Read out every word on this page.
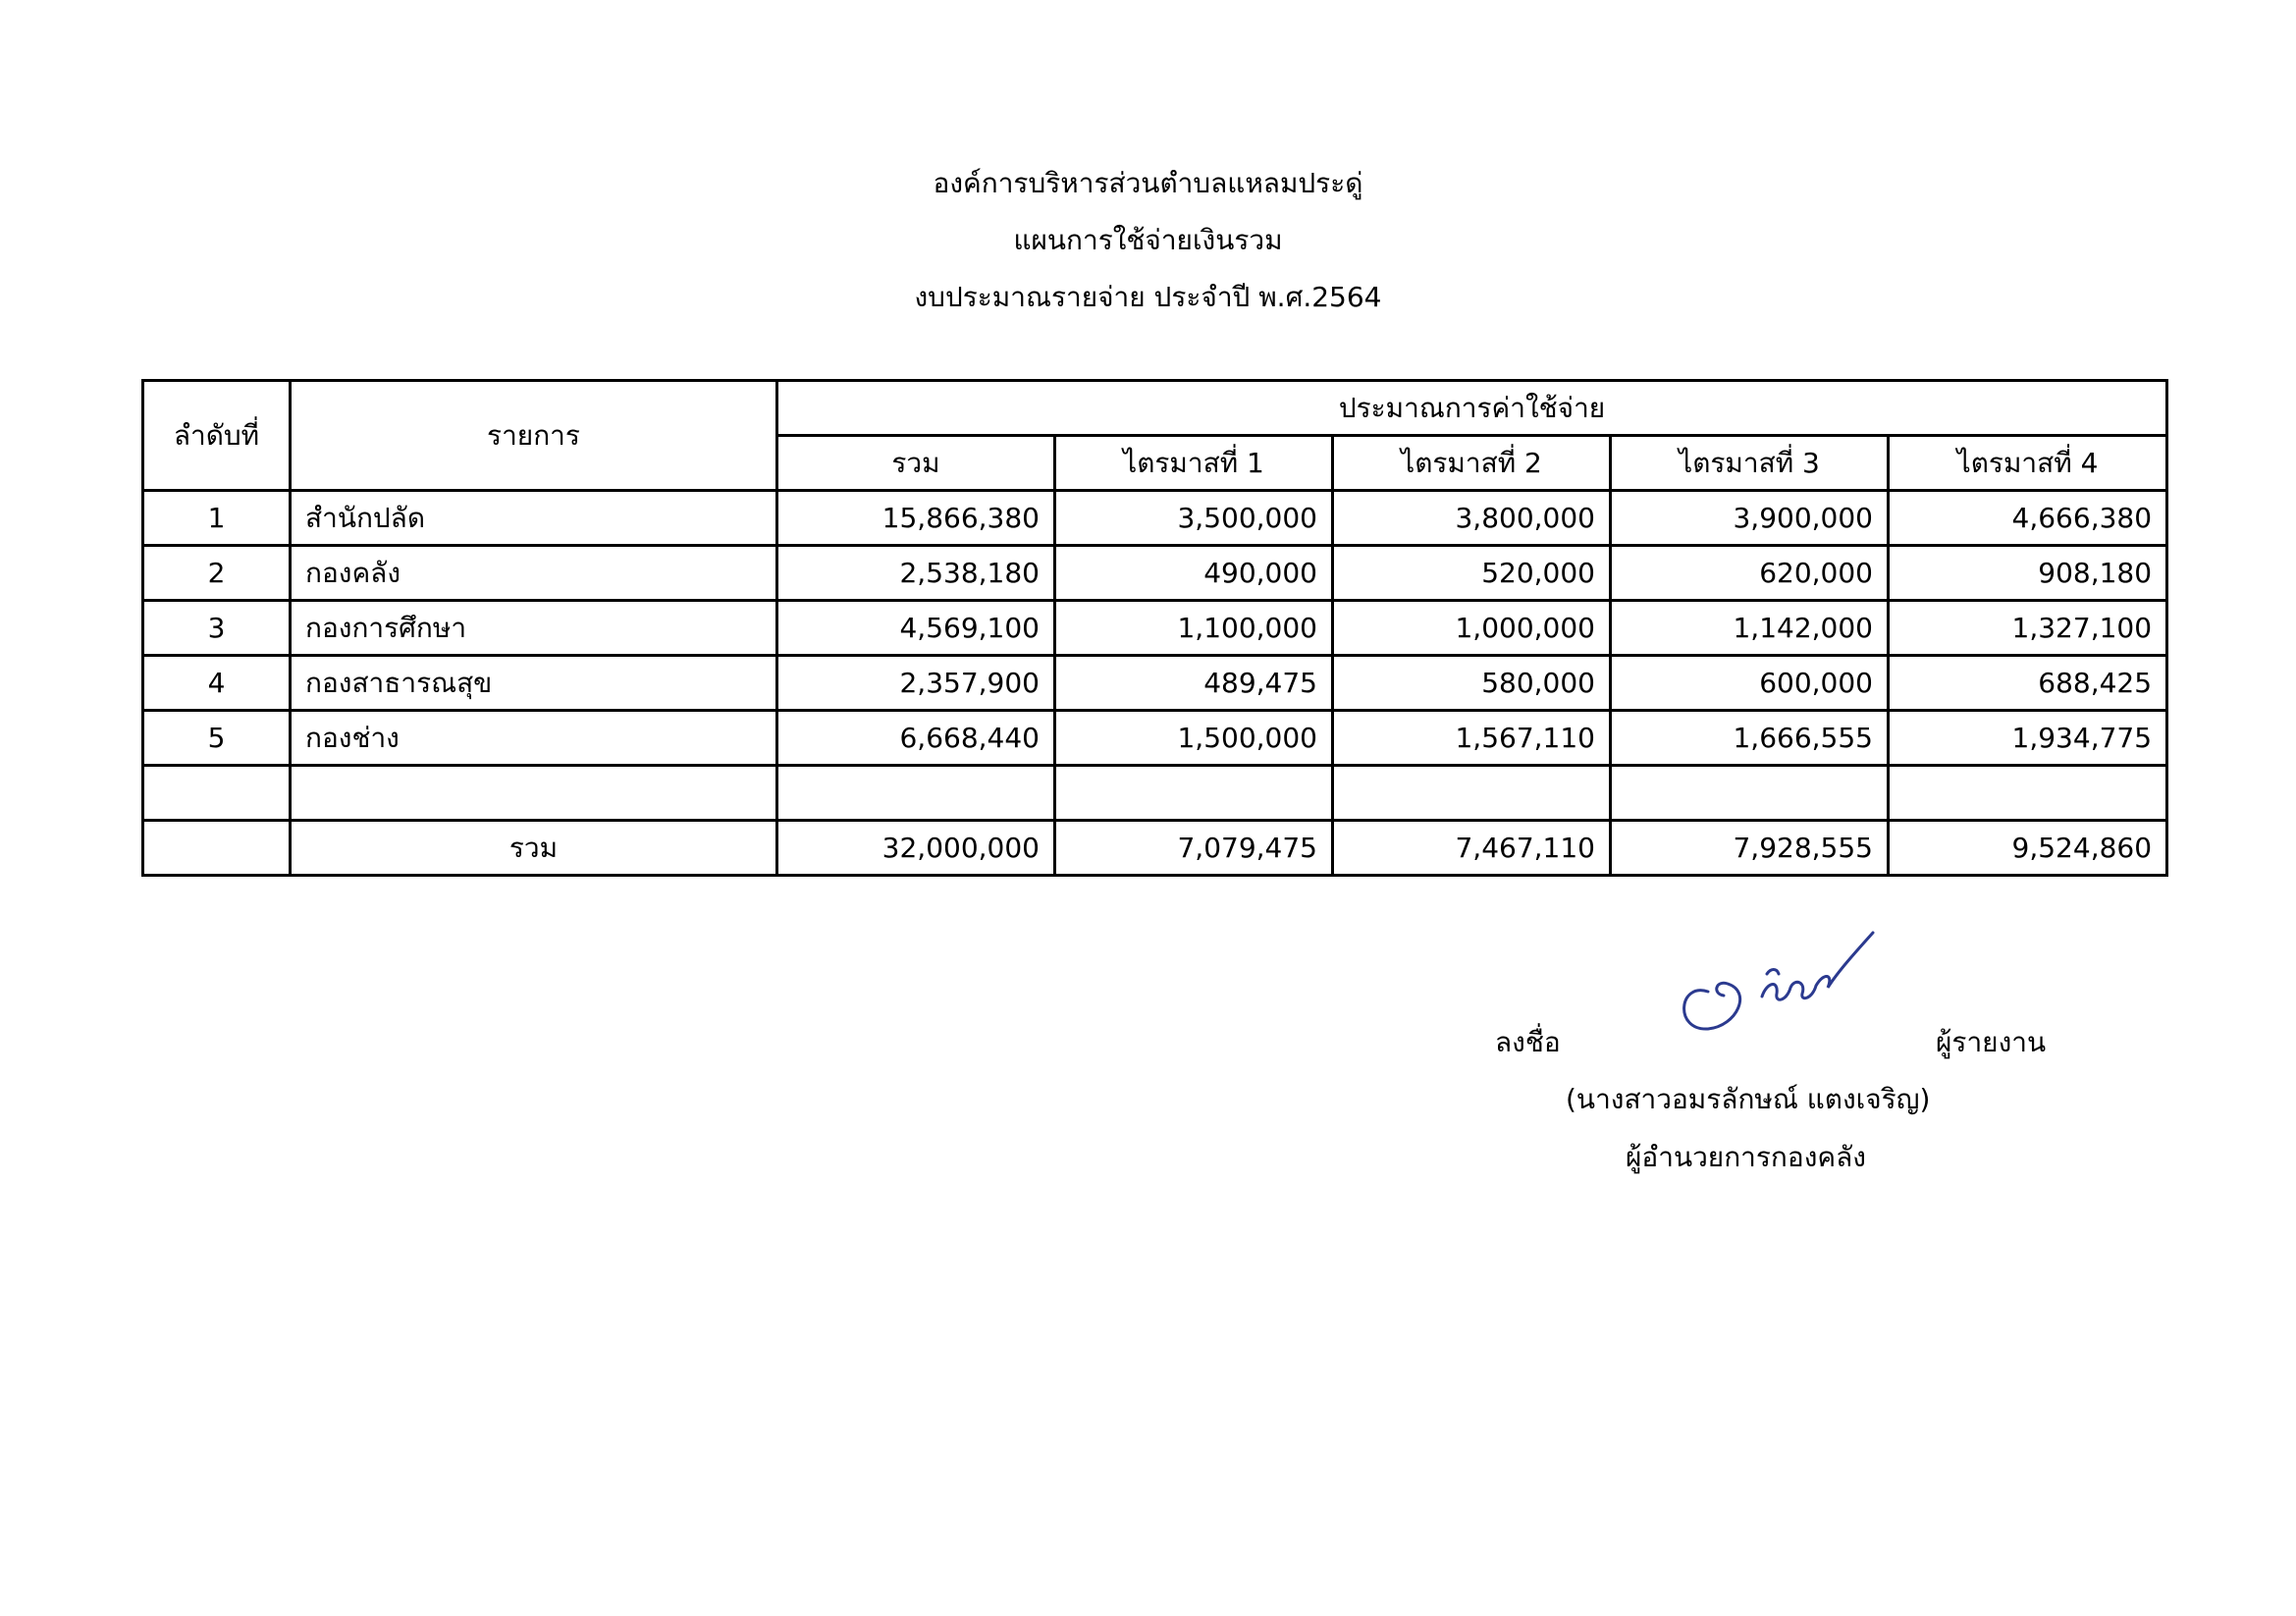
องค์การบริหารส่วนตำบลแหลมประดู่
แผนการใช้จ่ายเงินรวม
งบประมาณรายจ่าย ประจำปี พ.ศ.2564
ลำดับที่	รายการ	ประมาณการค่าใช้จ่าย				
		รวม	ไตรมาสที่ 1	ไตรมาสที่ 2	ไตรมาสที่ 3	ไตรมาสที่ 4
1	สำนักปลัด	15,866,380	3,500,000	3,800,000	3,900,000	4,666,380
2	กองคลัง	2,538,180	490,000	520,000	620,000	908,180
3	กองการศึกษา	4,569,100	1,100,000	1,000,000	1,142,000	1,327,100
4	กองสาธารณสุข	2,357,900	489,475	580,000	600,000	688,425
5	กองช่าง	6,668,440	1,500,000	1,567,110	1,666,555	1,934,775

	รวม	32,000,000	7,079,475	7,467,110	7,928,555	9,524,860
ลงชื่อ	ผู้รายงาน
(นางสาวอมรลักษณ์ แตงเจริญ)
ผู้อำนวยการกองคลัง
